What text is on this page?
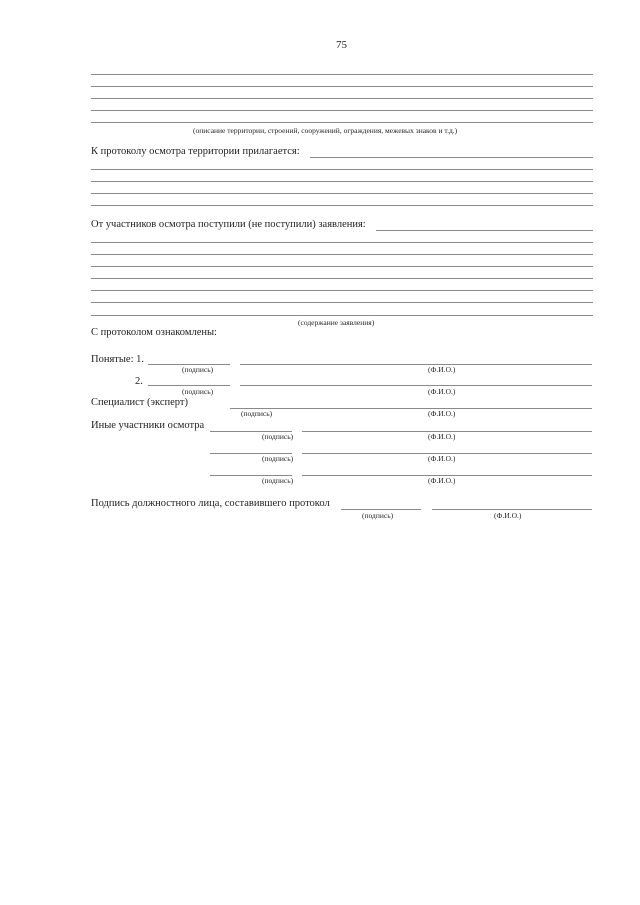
75
(описание территории, строений, сооружений, ограждения, межевых знаков и т.д.)
К протоколу осмотра территории прилагается:
От участников осмотра поступили (не поступили) заявления:
(содержание заявления)
С протоколом ознакомлены:
Понятые: 1.
(подпись)	(Ф.И.О.)
2.
(подпись)	(Ф.И.О.)
Специалист (эксперт)
(подпись)	(Ф.И.О.)
Иные участники осмотра
(подпись)	(Ф.И.О.)
(подпись)	(Ф.И.О.)
(подпись)	(Ф.И.О.)
Подпись должностного лица, составившего протокол
(подпись)	(Ф.И.О.)
